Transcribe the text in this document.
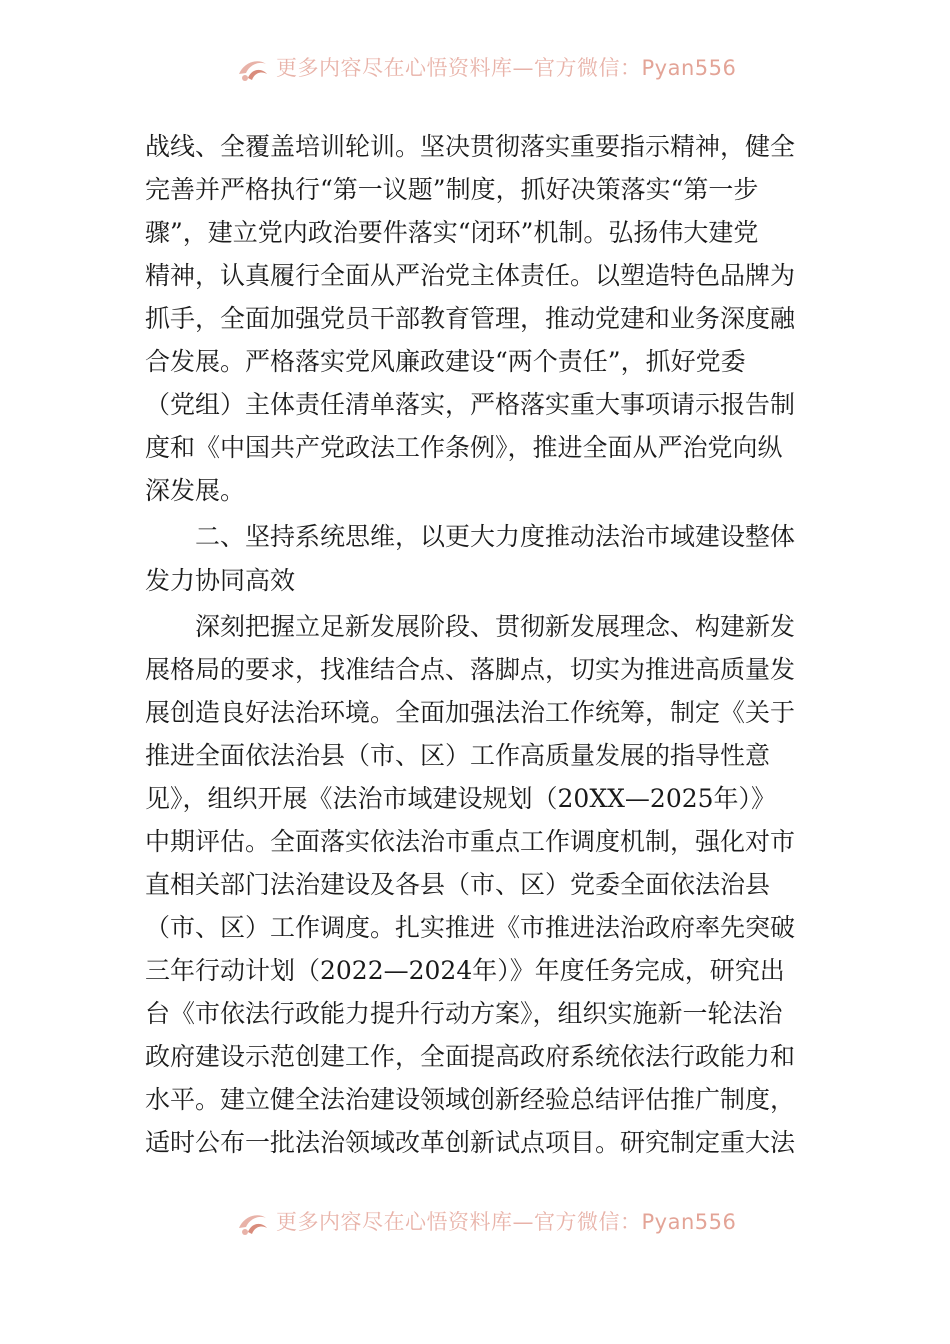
更多内容尽在心悟资料库—官方微信：Pyan556
战线、全覆盖培训轮训。坚决贯彻落实重要指示精神，健全
完善并严格执行“第一议题”制度，抓好决策落实“第一步
骤”，建立党内政治要件落实“闭环”机制。弘扬伟大建党
精神，认真履行全面从严治党主体责任。以塑造特色品牌为
抓手，全面加强党员干部教育管理，推动党建和业务深度融
合发展。严格落实党风廉政建设“两个责任”，抓好党委
（党组）主体责任清单落实，严格落实重大事项请示报告制
度和《中国共产党政法工作条例》，推进全面从严治党向纵
深发展。
二、坚持系统思维，以更大力度推动法治市域建设整体
发力协同高效
深刻把握立足新发展阶段、贯彻新发展理念、构建新发
展格局的要求，找准结合点、落脚点，切实为推进高质量发
展创造良好法治环境。全面加强法治工作统筹，制定《关于
推进全面依法治县（市、区）工作高质量发展的指导性意
见》，组织开展《法治市域建设规划（20XX—2025年）》
中期评估。全面落实依法治市重点工作调度机制，强化对市
直相关部门法治建设及各县（市、区）党委全面依法治县
（市、区）工作调度。扎实推进《市推进法治政府率先突破
三年行动计划（2022—2024年）》年度任务完成，研究出
台《市依法行政能力提升行动方案》，组织实施新一轮法治
政府建设示范创建工作，全面提高政府系统依法行政能力和
水平。建立健全法治建设领域创新经验总结评估推广制度，
适时公布一批法治领域改革创新试点项目。研究制定重大法
更多内容尽在心悟资料库—官方微信：Pyan556
